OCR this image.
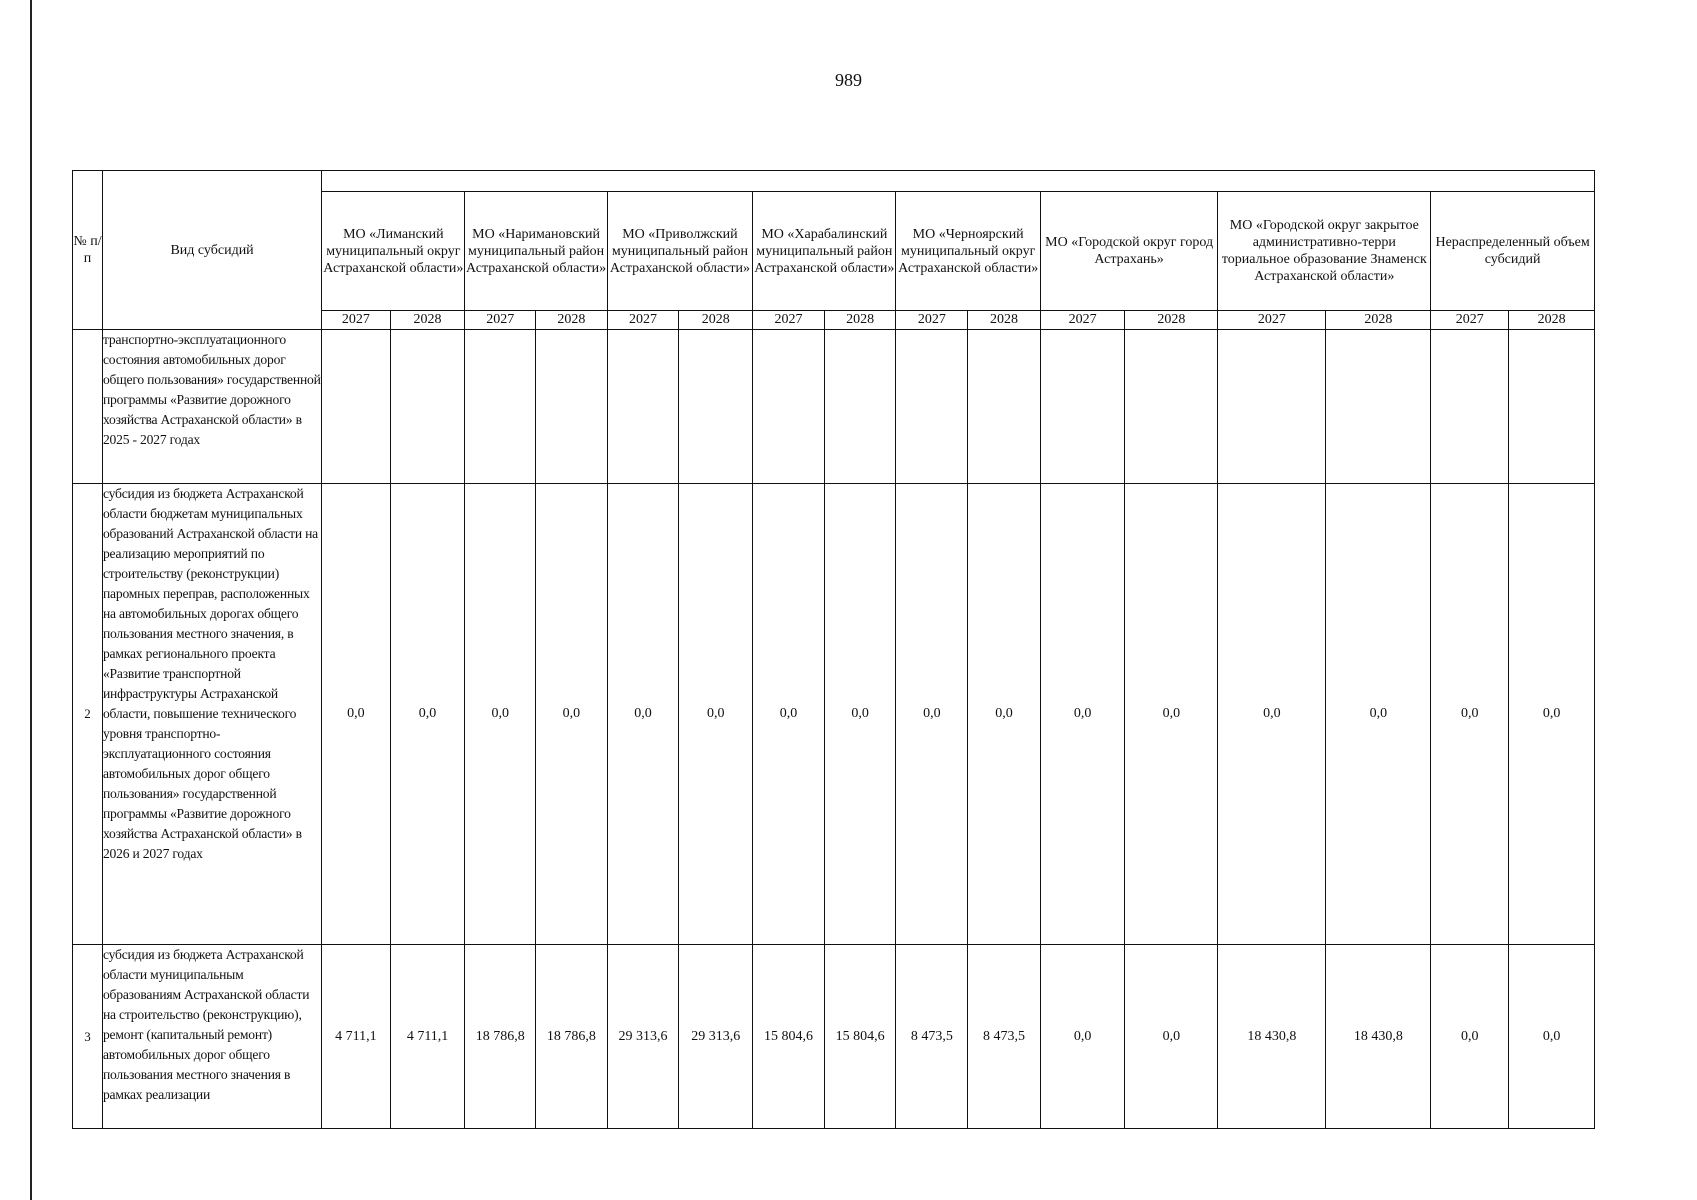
989
№ п/п	Вид субсидий																
		МО «Лиманский муниципальный округ Астраханской области»		МО «Наримановский муниципальный район Астраханской области»		МО «Приволжский муниципальный район Астраханской области»		МО «Харабалинский муниципальный район Астраханской области»		МО «Черноярский муниципальный округ Астраханской области»		МО «Городской округ город Астрахань»		МО «Городской округ закрытое административно-терри ториальное образование Знаменск Астраханской области»		Нераспределенный объем субсидий	
		2027	2028	2027	2028	2027	2028	2027	2028	2027	2028	2027	2028	2027	2028	2027	2028
	транспортно-эксплуатационного состояния автомобильных дорог общего пользования» государственной программы «Развитие дорожного хозяйства Астраханской области» в 2025 - 2027 годах																
2	субсидия из бюджета Астраханской области бюджетам муниципальных образований Астраханской области на реализацию мероприятий по строительству (реконструкции) паромных переправ, расположенных на автомобильных дорогах общего пользования местного значения, в рамках регионального проекта «Развитие транспортной инфраструктуры Астраханской области, повышение технического уровня транспортно-эксплуатационного состояния автомобильных дорог общего пользования» государственной программы «Развитие дорожного хозяйства Астраханской области» в 2026 и 2027 годах	0,0	0,0	0,0	0,0	0,0	0,0	0,0	0,0	0,0	0,0	0,0	0,0	0,0	0,0	0,0	0,0
3	субсидия из бюджета Астраханской области муниципальным образованиям Астраханской области на строительство (реконструкцию), ремонт (капитальный ремонт) автомобильных дорог общего пользования местного значения в рамках реализации	4 711,1	4 711,1	18 786,8	18 786,8	29 313,6	29 313,6	15 804,6	15 804,6	8 473,5	8 473,5	0,0	0,0	18 430,8	18 430,8	0,0	0,0
